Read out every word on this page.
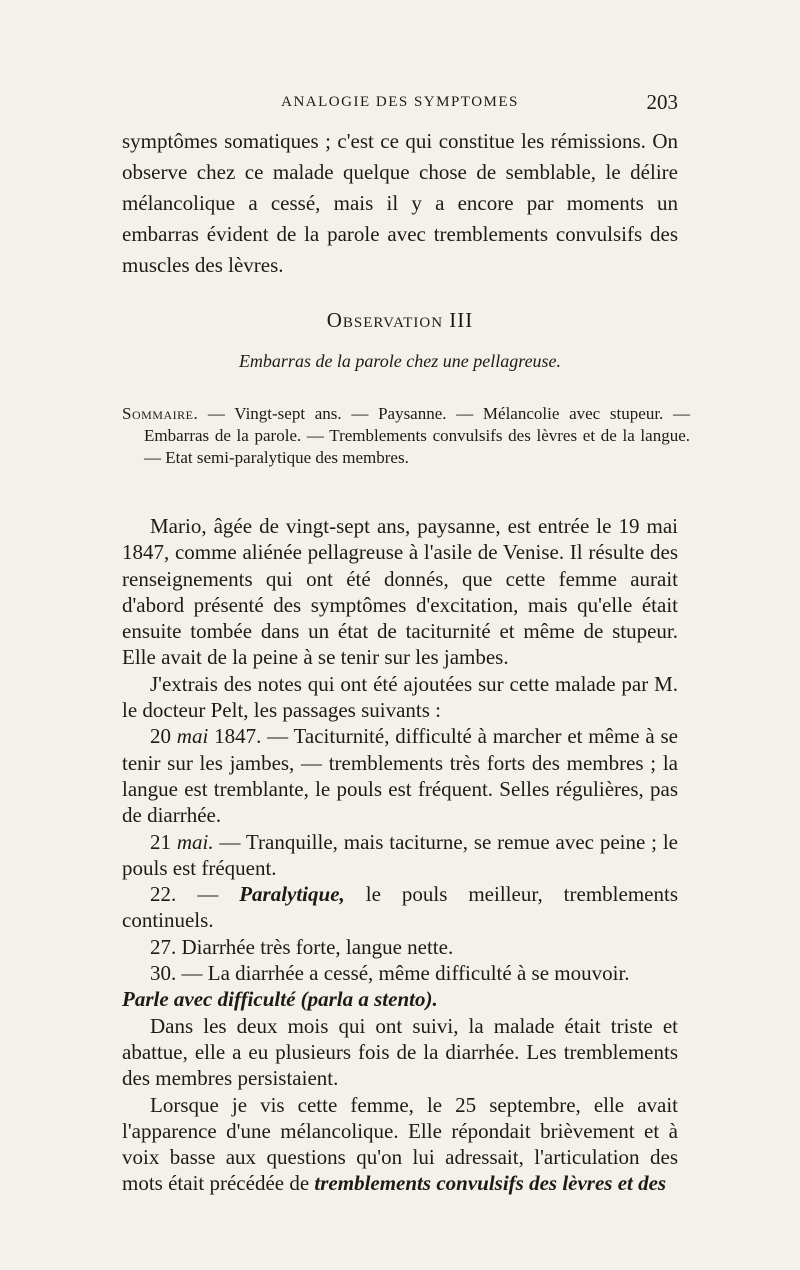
ANALOGIE DES SYMPTOMES	203
symptômes somatiques ; c'est ce qui constitue les rémissions. On observe chez ce malade quelque chose de semblable, le délire mélancolique a cessé, mais il y a encore par moments un embarras évident de la parole avec tremblements convulsifs des muscles des lèvres.
Observation III
Embarras de la parole chez une pellagreuse.
Sommaire. — Vingt-sept ans. — Paysanne. — Mélancolie avec stupeur. — Embarras de la parole. — Tremblements convulsifs des lèvres et de la langue. — Etat semi-paralytique des membres.

Mario, âgée de vingt-sept ans, paysanne, est entrée le 19 mai 1847, comme aliénée pellagreuse à l'asile de Venise. Il résulte des renseignements qui ont été donnés, que cette femme aurait d'abord présenté des symptômes d'excitation, mais qu'elle était ensuite tombée dans un état de taciturnité et même de stupeur. Elle avait de la peine à se tenir sur les jambes.

J'extrais des notes qui ont été ajoutées sur cette malade par M. le docteur Pelt, les passages suivants :

20 mai 1847. — Taciturnité, difficulté à marcher et même à se tenir sur les jambes, — tremblements très forts des membres ; la langue est tremblante, le pouls est fréquent. Selles régulières, pas de diarrhée.

21 mai. — Tranquille, mais taciturne, se remue avec peine ; le pouls est fréquent.

22. — Paralytique, le pouls meilleur, tremblements continuels.

27. Diarrhée très forte, langue nette.

30. — La diarrhée a cessé, même difficulté à se mouvoir.

Parle avec difficulté (parla a stento).

Dans les deux mois qui ont suivi, la malade était triste et abattue, elle a eu plusieurs fois de la diarrhée. Les tremblements des membres persistaient.

Lorsque je vis cette femme, le 25 septembre, elle avait l'apparence d'une mélancolique. Elle répondait brièvement et à voix basse aux questions qu'on lui adressait, l'articulation des mots était précédée de tremblements convulsifs des lèvres et des
